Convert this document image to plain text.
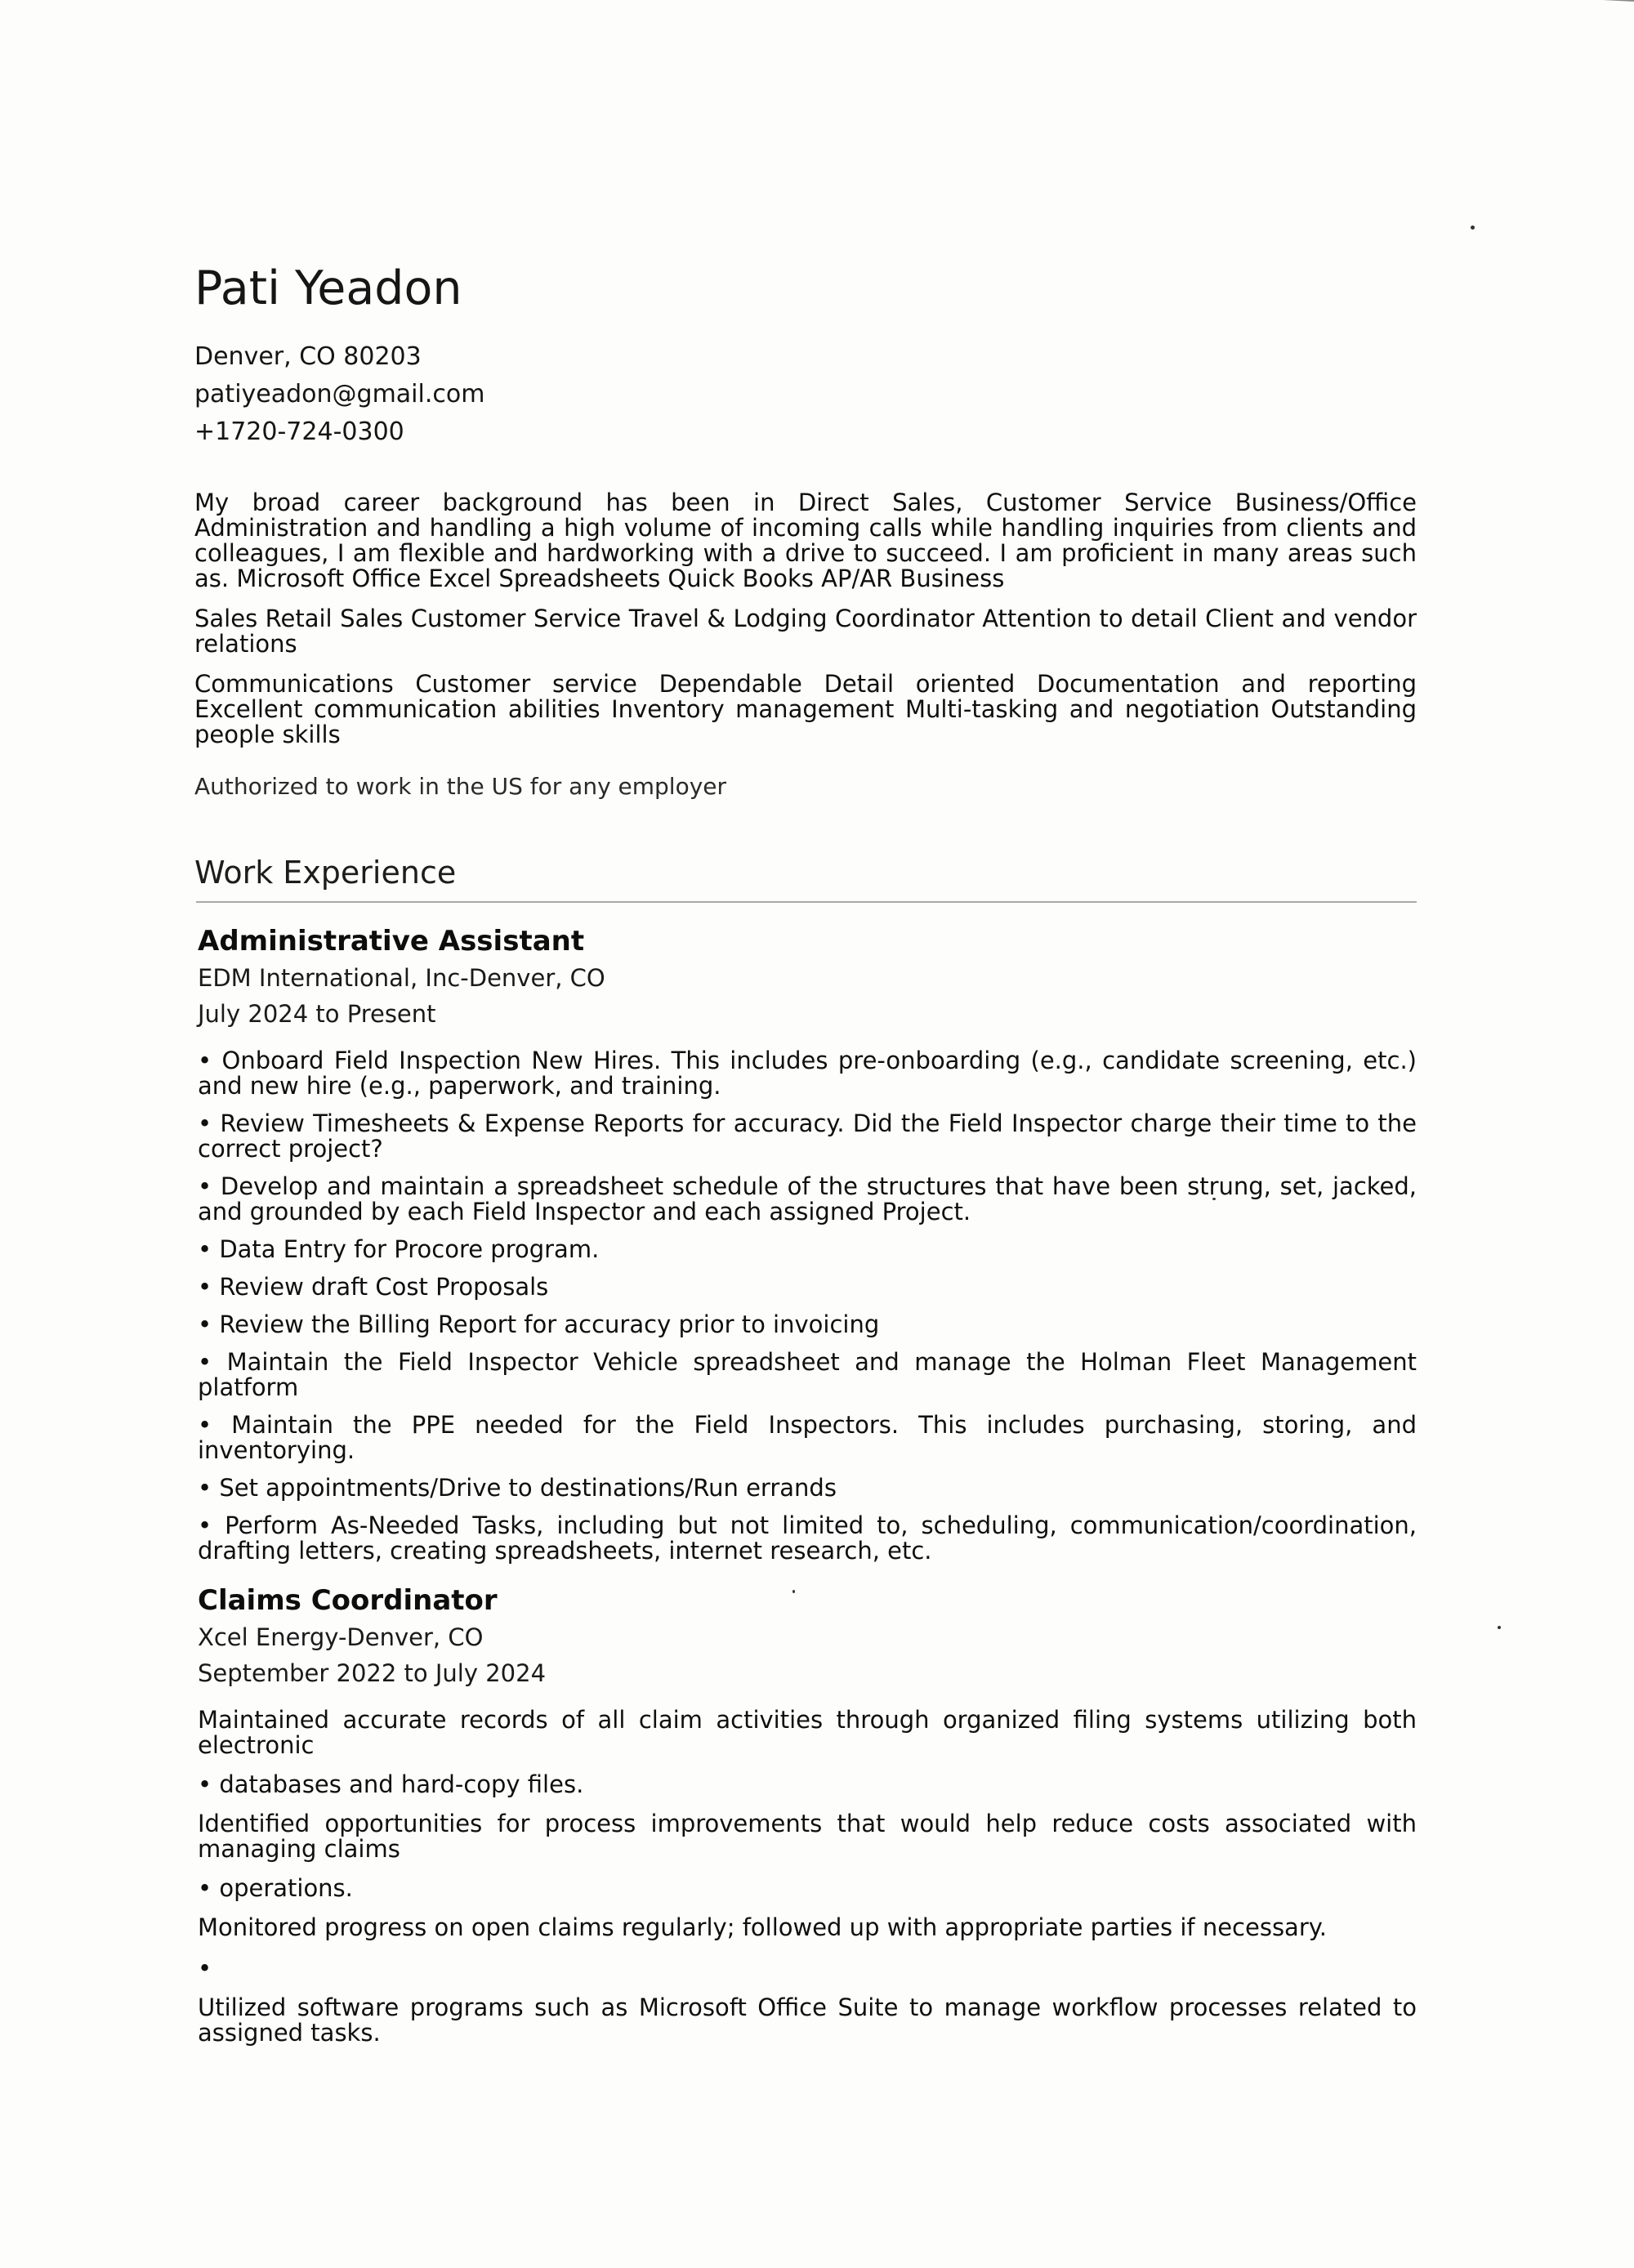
Pati Yeadon
Denver, CO 80203
patiyeadon@gmail.com
+1720-724-0300

My broad career background has been in Direct Sales, Customer Service Business/Office Administration and handling a high volume of incoming calls while handling inquiries from clients and colleagues, I am flexible and hardworking with a drive to succeed. I am proficient in many areas such as. Microsoft Office Excel Spreadsheets Quick Books AP/AR Business

Sales Retail Sales Customer Service Travel & Lodging Coordinator Attention to detail Client and vendor relations

Communications Customer service Dependable Detail oriented Documentation and reporting Excellent communication abilities Inventory management Multi-tasking and negotiation Outstanding people skills

Authorized to work in the US for any employer
Work Experience
Administrative Assistant
EDM International, Inc-Denver, CO
July 2024 to Present

• Onboard Field Inspection New Hires. This includes pre-onboarding (e.g., candidate screening, etc.) and new hire (e.g., paperwork, and training.

• Review Timesheets & Expense Reports for accuracy. Did the Field Inspector charge their time to the correct project?

• Develop and maintain a spreadsheet schedule of the structures that have been strung, set, jacked, and grounded by each Field Inspector and each assigned Project.

• Data Entry for Procore program.

• Review draft Cost Proposals

• Review the Billing Report for accuracy prior to invoicing

• Maintain the Field Inspector Vehicle spreadsheet and manage the Holman Fleet Management platform

• Maintain the PPE needed for the Field Inspectors. This includes purchasing, storing, and inventorying.

• Set appointments/Drive to destinations/Run errands

• Perform As-Needed Tasks, including but not limited to, scheduling, communication/coordination, drafting letters, creating spreadsheets, internet research, etc.

Claims Coordinator
Xcel Energy-Denver, CO
September 2022 to July 2024

Maintained accurate records of all claim activities through organized filing systems utilizing both electronic

• databases and hard-copy files.

Identified opportunities for process improvements that would help reduce costs associated with managing claims

• operations.

Monitored progress on open claims regularly; followed up with appropriate parties if necessary.

•

Utilized software programs such as Microsoft Office Suite to manage workflow processes related to assigned tasks.
